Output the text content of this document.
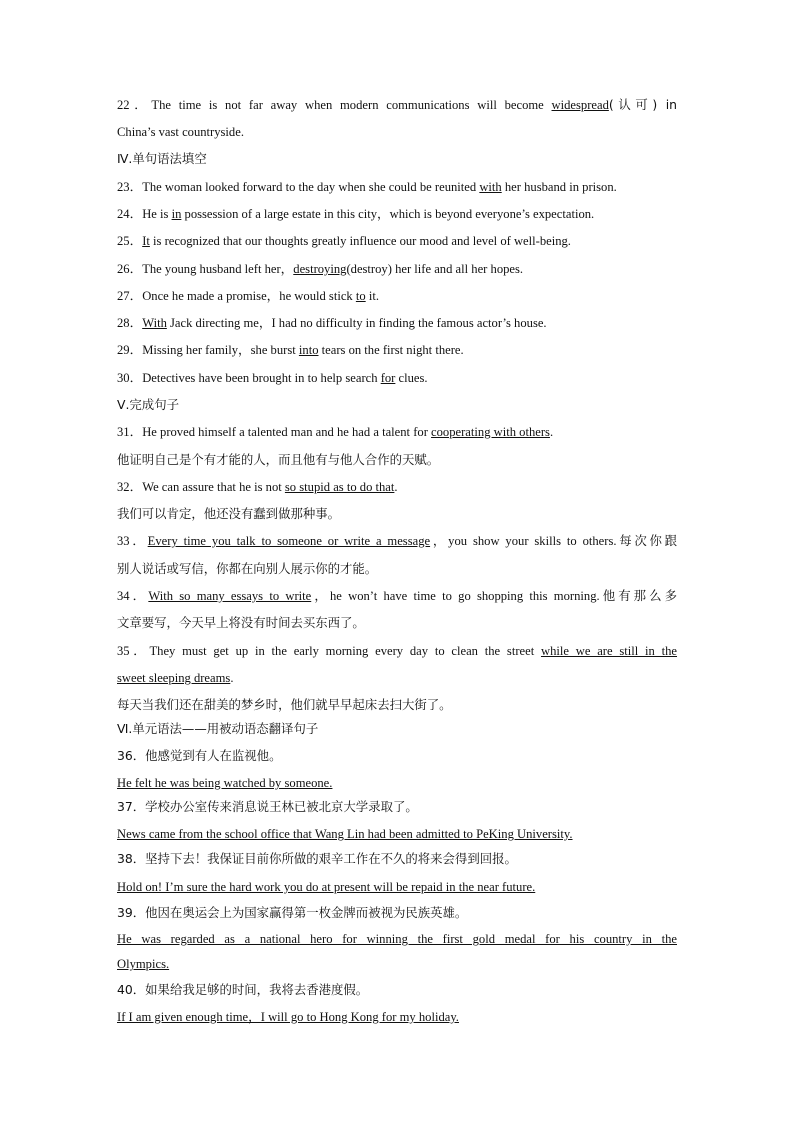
22．The time is not far away when modern communications will become widespread(认可) in
China’s vast countryside.
Ⅳ.单句语法填空
23．The woman looked forward to the day when she could be reunited with her husband in prison.
24．He is in possession of a large estate in this city，which is beyond everyone’s expectation.
25．It is recognized that our thoughts greatly influence our mood and level of well-being.
26．The young husband left her，destroying(destroy) her life and all her hopes.
27．Once he made a promise，he would stick to it.
28．With Jack directing me，I had no difficulty in finding the famous actor’s house.
29．Missing her family，she burst into tears on the first night there.
30．Detectives have been brought in to help search for clues.
Ⅴ.完成句子
31．He proved himself a talented man and he had a talent for cooperating with others.
他证明自己是个有才能的人，而且他有与他人合作的天赋。
32．We can assure that he is not so stupid as to do that.
我们可以肯定，他还没有蠢到做那种事。
33．Every time you talk to someone or write a message，you show your skills to others.每次你跟
别人说话或写信，你都在向别人展示你的才能。
34．With so many essays to write，he won’t have time to go shopping this morning.他有那么多
文章要写，今天早上将没有时间去买东西了。
35．They must get up in the early morning every day to clean the street while we are still in the
sweet sleeping dreams.
每天当我们还在甜美的梦乡时，他们就早早起床去扫大街了。
Ⅵ.单元语法——用被动语态翻译句子
36．他感觉到有人在监视他。
He felt he was being watched by someone.
37．学校办公室传来消息说王林已被北京大学录取了。
News came from the school office that Wang Lin had been admitted to PeKing University.
38．坚持下去！我保证目前你所做的艰辛工作在不久的将来会得到回报。
Hold on! I’m sure the hard work you do at present will be repaid in the near future.
39．他因在奥运会上为国家赢得第一枚金牌而被视为民族英雄。
He was regarded as a national hero for winning the first gold medal for his country in the
Olympics.
40．如果给我足够的时间，我将去香港度假。
If I am given enough time，I will go to Hong Kong for my holiday.
